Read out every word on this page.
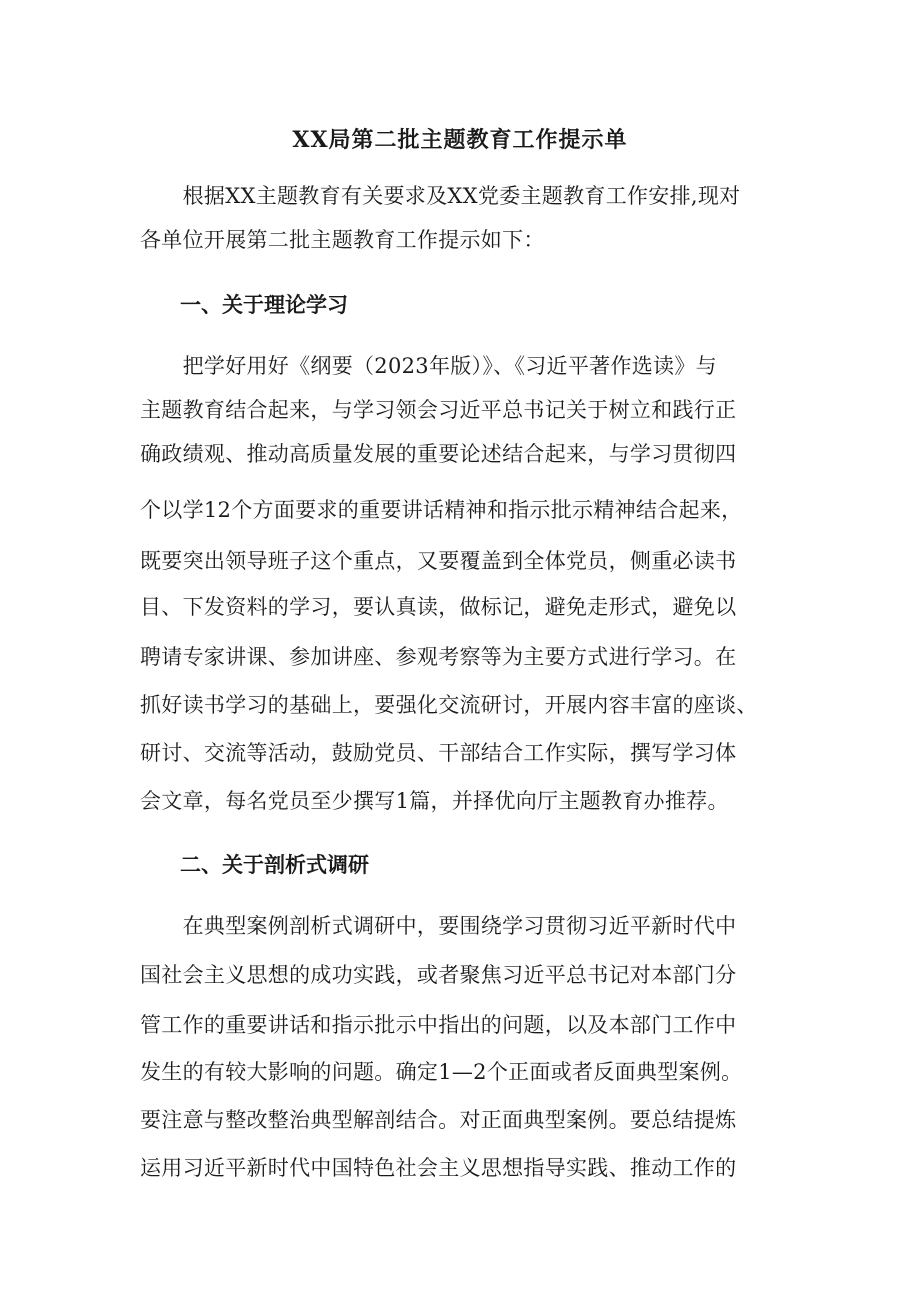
XX局第二批主题教育工作提示单
　　根据XX主题教育有关要求及XX党委主题教育工作安排,现对
各单位开展第二批主题教育工作提示如下：
一、关于理论学习
　　把学好用好《纲要（2023年版）》、《习近平著作选读》与
主题教育结合起来，与学习领会习近平总书记关于树立和践行正
确政绩观、推动高质量发展的重要论述结合起来，与学习贯彻四
个以学12个方面要求的重要讲话精神和指示批示精神结合起来，
既要突出领导班子这个重点，又要覆盖到全体党员，侧重必读书
目、下发资料的学习，要认真读，做标记，避免走形式，避免以
聘请专家讲课、参加讲座、参观考察等为主要方式进行学习。在
抓好读书学习的基础上，要强化交流研讨，开展内容丰富的座谈、
研讨、交流等活动，鼓励党员、干部结合工作实际，撰写学习体
会文章，每名党员至少撰写1篇，并择优向厅主题教育办推荐。
二、关于剖析式调研
　　在典型案例剖析式调研中，要围绕学习贯彻习近平新时代中
国社会主义思想的成功实践，或者聚焦习近平总书记对本部门分
管工作的重要讲话和指示批示中指出的问题，以及本部门工作中
发生的有较大影响的问题。确定1—2个正面或者反面典型案例。
要注意与整改整治典型解剖结合。对正面典型案例。要总结提炼
运用习近平新时代中国特色社会主义思想指导实践、推动工作的
